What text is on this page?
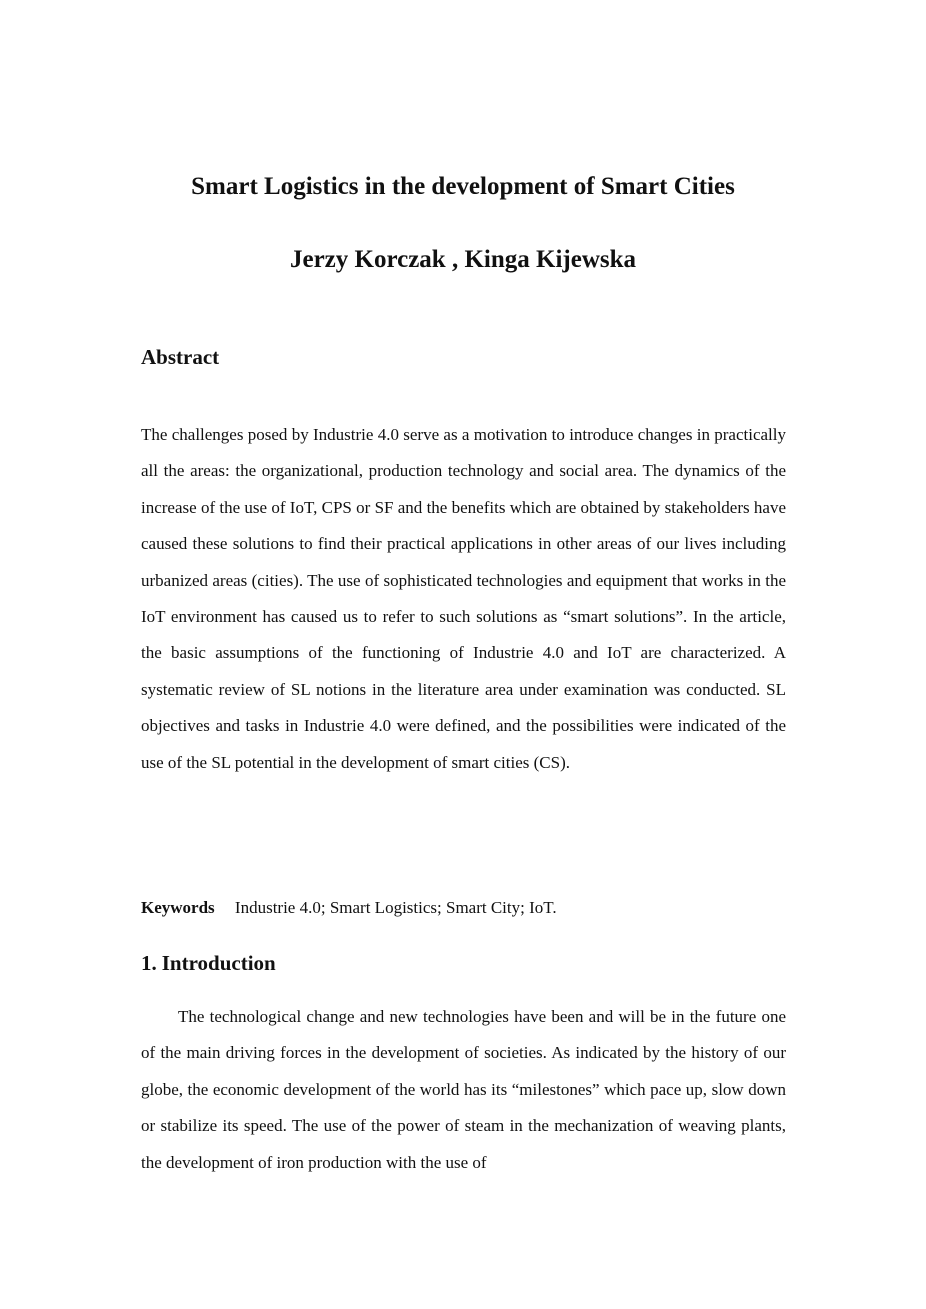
Smart Logistics in the development of Smart Cities
Jerzy Korczak , Kinga Kijewska
Abstract

The challenges posed by Industrie 4.0 serve as a motivation to introduce changes in practically all the areas: the organizational, production technology and social area. The dynamics of the increase of the use of IoT, CPS or SF and the benefits which are obtained by stakeholders have caused these solutions to find their practical applications in other areas of our lives including urbanized areas (cities). The use of sophisticated technologies and equipment that works in the IoT environment has caused us to refer to such solutions as “smart solutions”. In the article, the basic assumptions of the functioning of Industrie 4.0 and IoT are characterized. A systematic review of SL notions in the literature area under examination was conducted. SL objectives and tasks in Industrie 4.0 were defined, and the possibilities were indicated of the use of the SL potential in the development of smart cities (CS).

Keywords Industrie 4.0; Smart Logistics; Smart City; IoT.

1. Introduction

The technological change and new technologies have been and will be in the future one of the main driving forces in the development of societies. As indicated by the history of our globe, the economic development of the world has its “milestones” which pace up, slow down or stabilize its speed. The use of the power of steam in the mechanization of weaving plants, the development of iron production with the use of
